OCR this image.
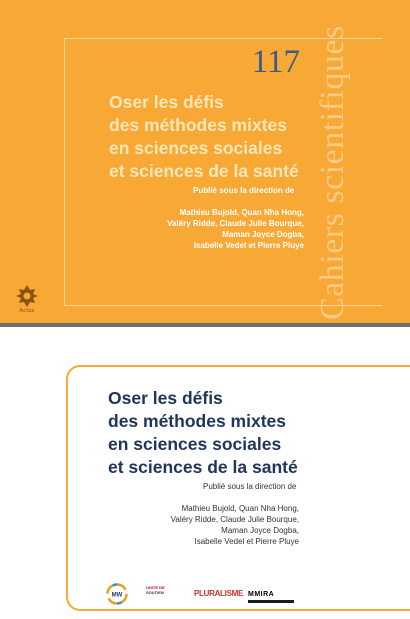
117
Oser les défis
des méthodes mixtes
en sciences sociales
et sciences de la santé
Publié sous la direction de
Mathieu Bujold, Quan Nha Hong,
Valéry Ridde, Claude Julie Bourque,
Maman Joyce Dogba,
Isabelle Vedel et Pierre Pluye Cahiers scientifiques
Acfas
Oser les défis
des méthodes mixtes
en sciences sociales
et sciences de la santé
Publié sous la direction de
Mathieu Bujold, Quan Nha Hong,
Valéry Ridde, Claude Julie Bourque,
Maman Joyce Dogba,
Isabelle Vedel et Pierre Pluye
MW
UNITÉ DE
SOUTIEN	PLURALISME MMIRA
